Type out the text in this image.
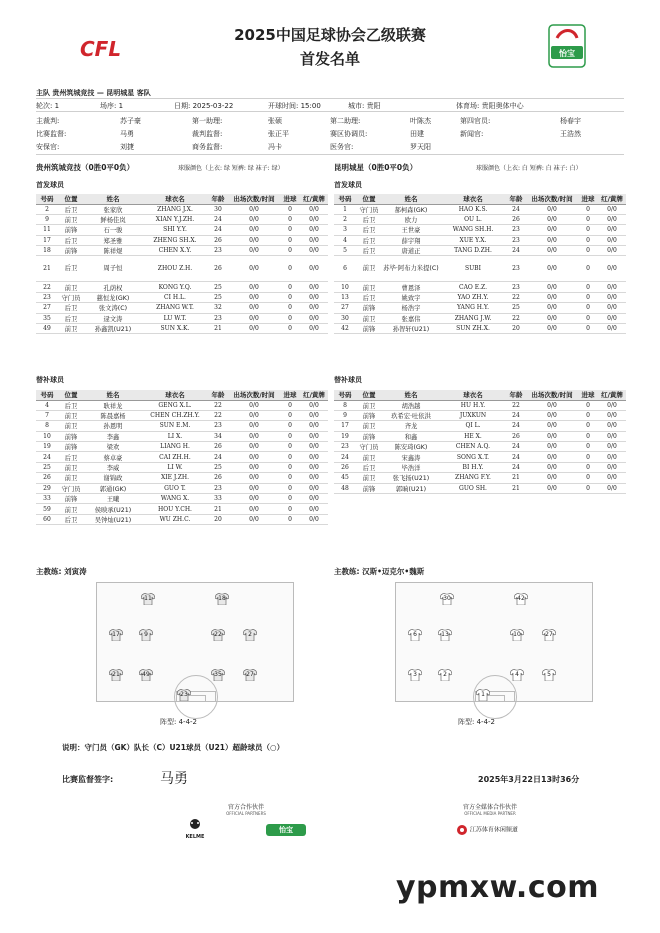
CFL	怡宝
2025中国足球协会乙级联赛
首发名单
主队 贵州筑城竞技 — 昆明城星 客队
轮次: 1	场序: 1	日期: 2025-03-22	开球时间: 15:00	城市: 贵阳	体育场: 贵阳奥体中心
主裁判:	苏子豪	第一助理:	张硕	第二助理:	叶陈杰	第四官员:	杨春宇
比赛监督:	马勇	裁判监督:	张正平	赛区协调员:	田建	新闻官:	王浩然
安保官:	刘捷	商务监督:	冯卡	医务官:	罗天阳
贵州筑城竞技（0胜0平0负）	球服颜色（上衣: 绿 短裤: 绿 袜子: 绿）	昆明城星（0胜0平0负）	球服颜色（上衣: 白 短裤: 白 袜子: 白）
首发球员	首发球员
号码	位置	姓名	球衣名	年龄	出场次数/时间	进球	红/黄牌
2	后卫	张家欣	ZHANG J.X.	30	0/0	0	0/0
9	前卫	鲜杨佳岚	XIAN Y.J.ZH.	24	0/0	0	0/0
11	前锋	石一骏	SHI Y.Y.	24	0/0	0	0/0
17	后卫	郑圣雅	ZHENG SH.X.	26	0/0	0	0/0
18	前锋	陈祥煜	CHEN X.Y.	23	0/0	0	0/0
21	后卫	周子恒	ZHOU Z.H.	26	0/0	0	0/0
22	前卫	孔荫权	KONG Y.Q.	25	0/0	0	0/0
23	守门员	慈恒龙(GK)	CI H.L.	25	0/0	0	0/0
27	后卫	张文涛(C)	ZHANG W.T.	32	0/0	0	0/0
35	后卫	逯文涛	LU W.T.	23	0/0	0	0/0
49	前卫	孙鑫凯(U21)	SUN X.K.	21	0/0	0	0/0
号码	位置	姓名	球衣名	年龄	出场次数/时间	进球	红/黄牌
1	守门员	郝柯森(GK)	HAO K.S.	24	0/0	0	0/0
2	后卫	欧力	OU L.	26	0/0	0	0/0
3	后卫	王世豪	WANG SH.H.	23	0/0	0	0/0
4	后卫	薛宇翔	XUE Y.X.	23	0/0	0	0/0
5	后卫	唐道正	TANG D.ZH.	24	0/0	0	0/0
6	前卫	苏毕·阿布力米提(C)	SUBI	23	0/0	0	0/0
10	前卫	曹恩泽	CAO E.Z.	23	0/0	0	0/0
13	后卫	姚致宇	YAO ZH.Y.	22	0/0	0	0/0
27	前锋	杨浩宇	YANG H.Y.	25	0/0	0	0/0
30	前卫	张嘉伟	ZHANG J.W.	22	0/0	0	0/0
42	前锋	孙智轩(U21)	SUN ZH.X.	20	0/0	0	0/0
替补球员	替补球员
号码	位置	姓名	球衣名	年龄	出场次数/时间	进球	红/黄牌
4	后卫	耿祥龙	GENG X.L.	22	0/0	0	0/0
7	前卫	陈晨嘉杨	CHEN CH.ZH.Y.	22	0/0	0	0/0
8	前卫	孙恩明	SUN E.M.	23	0/0	0	0/0
10	前锋	李鑫	LI X.	34	0/0	0	0/0
19	前锋	梁欢	LIANG H.	26	0/0	0	0/0
24	后卫	蔡卓豪	CAI ZH.H.	24	0/0	0	0/0
25	前卫	李威	LI W.	25	0/0	0	0/0
26	前卫	谢锦政	XIE J.ZH.	26	0/0	0	0/0
29	守门员	郭通(GK)	GUO T.	23	0/0	0	0/0
33	前锋	王曦	WANG X.	33	0/0	0	0/0
59	前卫	侯映承(U21)	HOU Y.CH.	21	0/0	0	0/0
60	后卫	吴钟灿(U21)	WU ZH.C.	20	0/0	0	0/0
号码	位置	姓名	球衣名	年龄	出场次数/时间	进球	红/黄牌
8	前卫	胡浩越	HU H.Y.	22	0/0	0	0/0
9	前锋	玖希宏·吐依洪	JUXKUN	24	0/0	0	0/0
17	前卫	齐龙	QI L.	24	0/0	0	0/0
19	前锋	和鑫	HE X.	26	0/0	0	0/0
23	守门员	陈安琦(GK)	CHEN A.Q.	24	0/0	0	0/0
24	前卫	宋鑫涛	SONG X.T.	24	0/0	0	0/0
26	后卫	毕浩洋	BI H.Y.	24	0/0	0	0/0
45	前卫	张飞扬(U21)	ZHANG F.Y.	21	0/0	0	0/0
48	前锋	郭晌(U21)	GUO SH.	21	0/0	0	0/0
主教练: 刘寅涛	主教练: 汉斯•迈克尔•魏斯
11	18
17	9	22	2
21	49	35	27
23
30	42
6	13	10	27
3	2	4	5
1
阵型: 4-4-2	阵型: 4-4-2
说明：守门员（GK）队长（C）U21球员（U21）超龄球员（○）
比赛监督签字:	马勇	2025年3月22日13时36分
官方合作伙伴
OFFICIAL PARTNERS
KELME
怡宝
官方全媒体合作伙伴
OFFICIAL MEDIA PARTNER
江苏体育休闲频道
ypmxw.com
